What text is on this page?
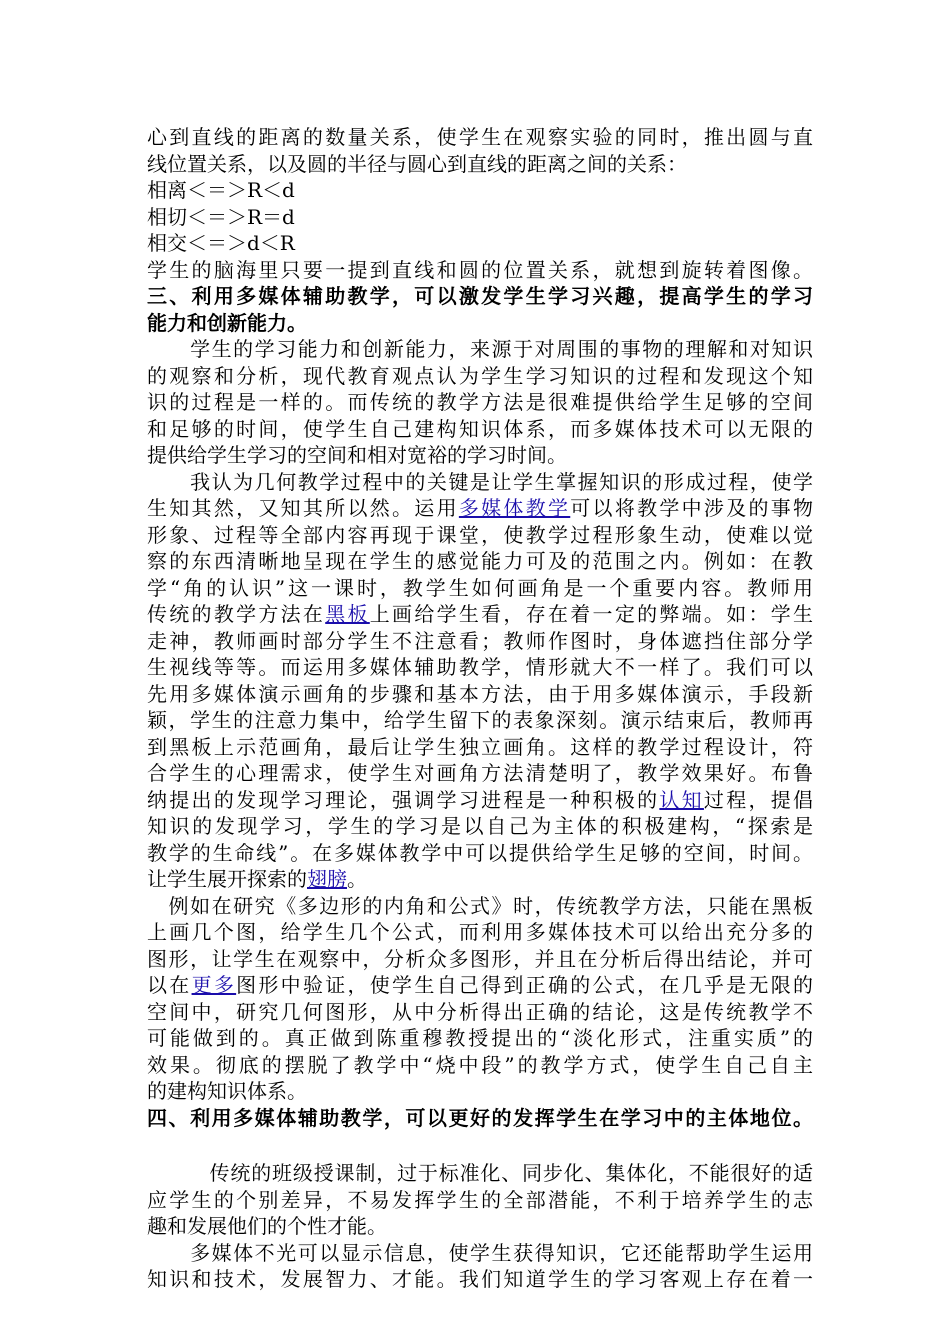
心到直线的距离的数量关系，使学生在观察实验的同时，推出圆与直
线位置关系，以及圆的半径与圆心到直线的距离之间的关系：
相离＜＝＞R＜d
相切＜＝＞R＝d
相交＜＝＞d＜R
学生的脑海里只要一提到直线和圆的位置关系，就想到旋转着图像。
三、利用多媒体辅助教学，可以激发学生学习兴趣，提高学生的学习
能力和创新能力。
　　学生的学习能力和创新能力，来源于对周围的事物的理解和对知识
的观察和分析，现代教育观点认为学生学习知识的过程和发现这个知
识的过程是一样的。而传统的教学方法是很难提供给学生足够的空间
和足够的时间，使学生自己建构知识体系，而多媒体技术可以无限的
提供给学生学习的空间和相对宽裕的学习时间。
　　我认为几何教学过程中的关键是让学生掌握知识的形成过程，使学
生知其然，又知其所以然。运用多媒体教学可以将教学中涉及的事物
形象、过程等全部内容再现于课堂，使教学过程形象生动，使难以觉
察的东西清晰地呈现在学生的感觉能力可及的范围之内。例如：在教
学“角的认识”这一课时，教学生如何画角是一个重要内容。教师用
传统的教学方法在黑板上画给学生看，存在着一定的弊端。如：学生
走神，教师画时部分学生不注意看；教师作图时，身体遮挡住部分学
生视线等等。而运用多媒体辅助教学，情形就大不一样了。我们可以
先用多媒体演示画角的步骤和基本方法，由于用多媒体演示，手段新
颖，学生的注意力集中，给学生留下的表象深刻。演示结束后，教师再
到黑板上示范画角，最后让学生独立画角。这样的教学过程设计，符
合学生的心理需求，使学生对画角方法清楚明了，教学效果好。布鲁
纳提出的发现学习理论，强调学习进程是一种积极的认知过程，提倡
知识的发现学习，学生的学习是以自己为主体的积极建构，“探索是
教学的生命线”。在多媒体教学中可以提供给学生足够的空间，时间。
让学生展开探索的翅膀。
　例如在研究《多边形的内角和公式》时，传统教学方法，只能在黑板
上画几个图，给学生几个公式，而利用多媒体技术可以给出充分多的
图形，让学生在观察中，分析众多图形，并且在分析后得出结论，并可
以在更多图形中验证，使学生自己得到正确的公式，在几乎是无限的
空间中，研究几何图形，从中分析得出正确的结论，这是传统教学不
可能做到的。真正做到陈重穆教授提出的“淡化形式，注重实质”的
效果。彻底的摆脱了教学中“烧中段”的教学方式，使学生自己自主
的建构知识体系。
四、利用多媒体辅助教学，可以更好的发挥学生在学习中的主体地位。
　　　传统的班级授课制，过于标准化、同步化、集体化，不能很好的适
应学生的个别差异，不易发挥学生的全部潜能，不利于培养学生的志
趣和发展他们的个性才能。
　　多媒体不光可以显示信息，使学生获得知识，它还能帮助学生运用
知识和技术，发展智力、才能。我们知道学生的学习客观上存在着一
